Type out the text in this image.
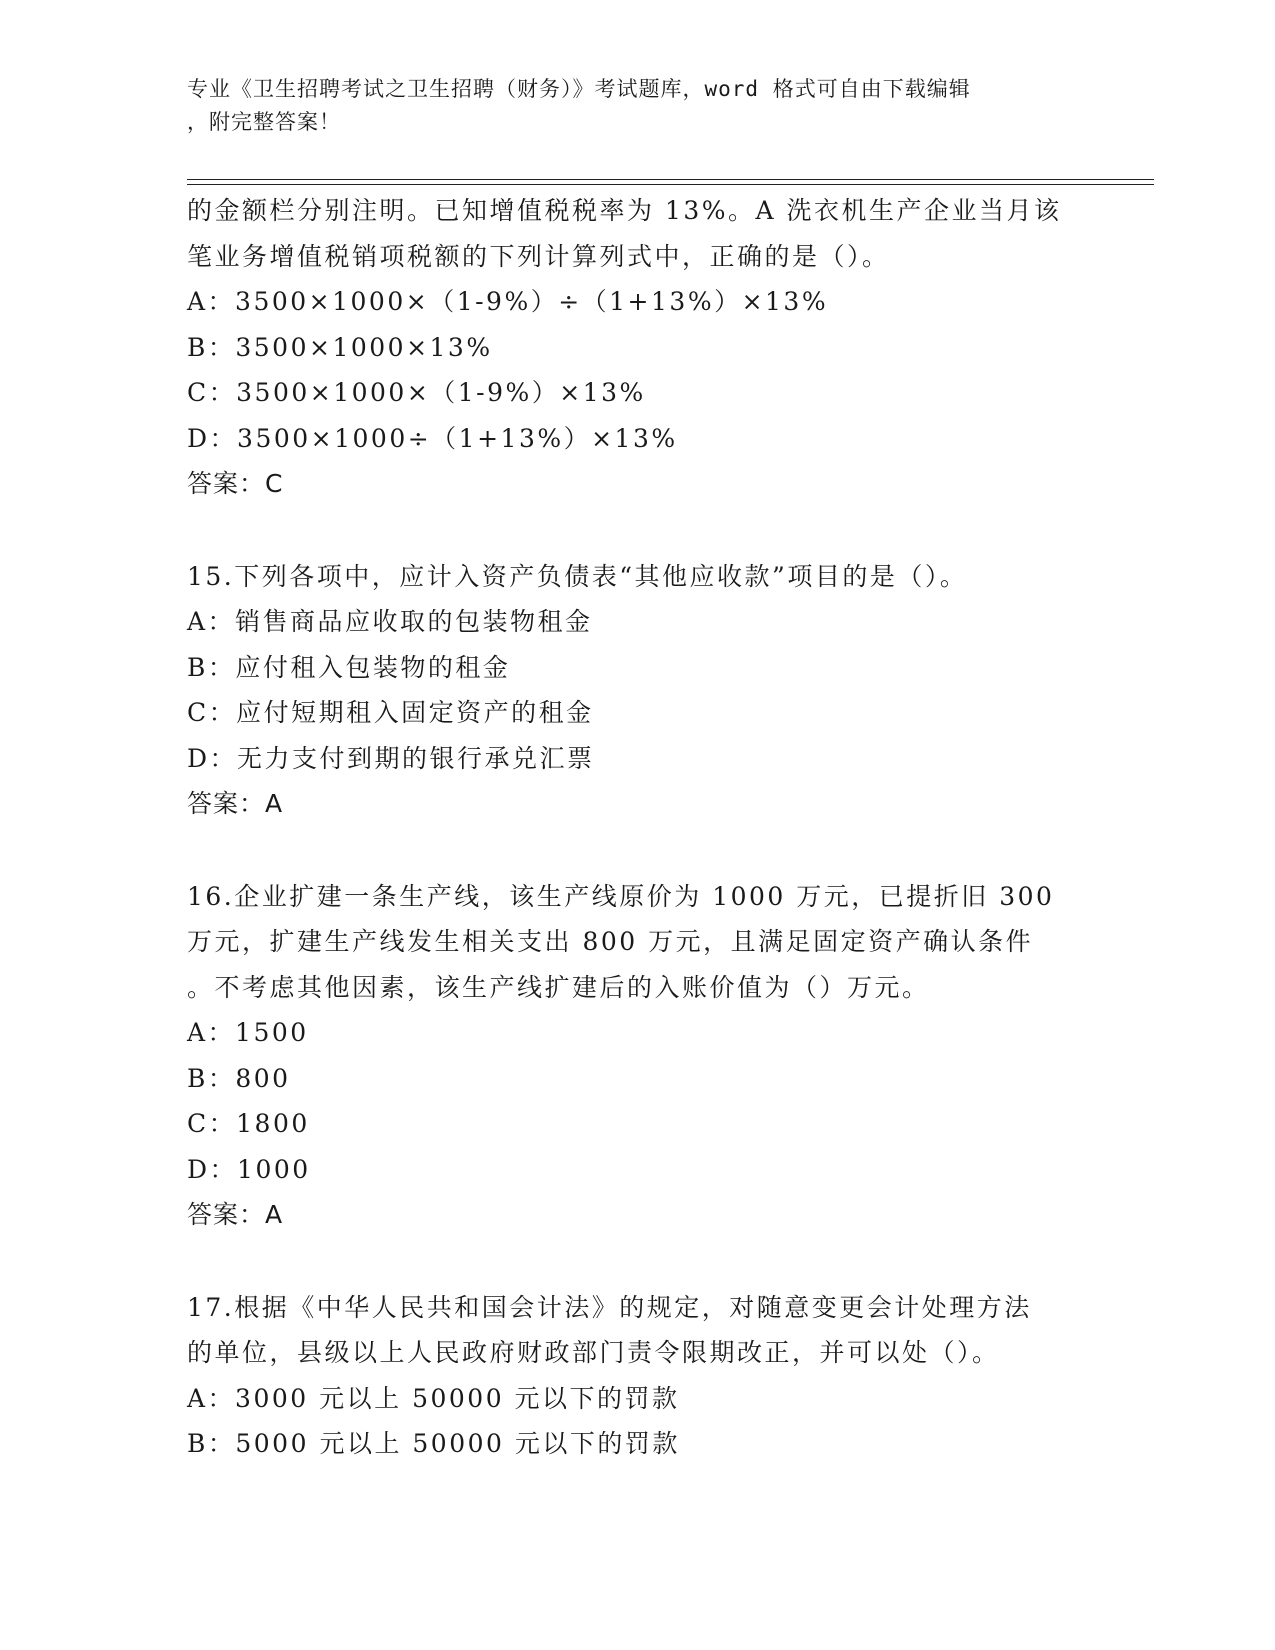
专业《卫生招聘考试之卫生招聘（财务）》考试题库，word 格式可自由下载编辑
，附完整答案！
的金额栏分别注明。已知增值税税率为 13%。A 洗衣机生产企业当月该
笔业务增值税销项税额的下列计算列式中，正确的是（）。
A：3500×1000×（1-9%）÷（1+13%）×13%
B：3500×1000×13%
C：3500×1000×（1-9%）×13%
D：3500×1000÷（1+13%）×13%
答案：C
15.下列各项中，应计入资产负债表“其他应收款”项目的是（）。
A：销售商品应收取的包装物租金
B：应付租入包装物的租金
C：应付短期租入固定资产的租金
D：无力支付到期的银行承兑汇票
答案：A
16.企业扩建一条生产线，该生产线原价为 1000 万元，已提折旧 300
万元，扩建生产线发生相关支出 800 万元，且满足固定资产确认条件
。不考虑其他因素，该生产线扩建后的入账价值为（）万元。
A：1500
B：800
C：1800
D：1000
答案：A
17.根据《中华人民共和国会计法》的规定，对随意变更会计处理方法
的单位，县级以上人民政府财政部门责令限期改正，并可以处（）。
A：3000 元以上 50000 元以下的罚款
B：5000 元以上 50000 元以下的罚款
